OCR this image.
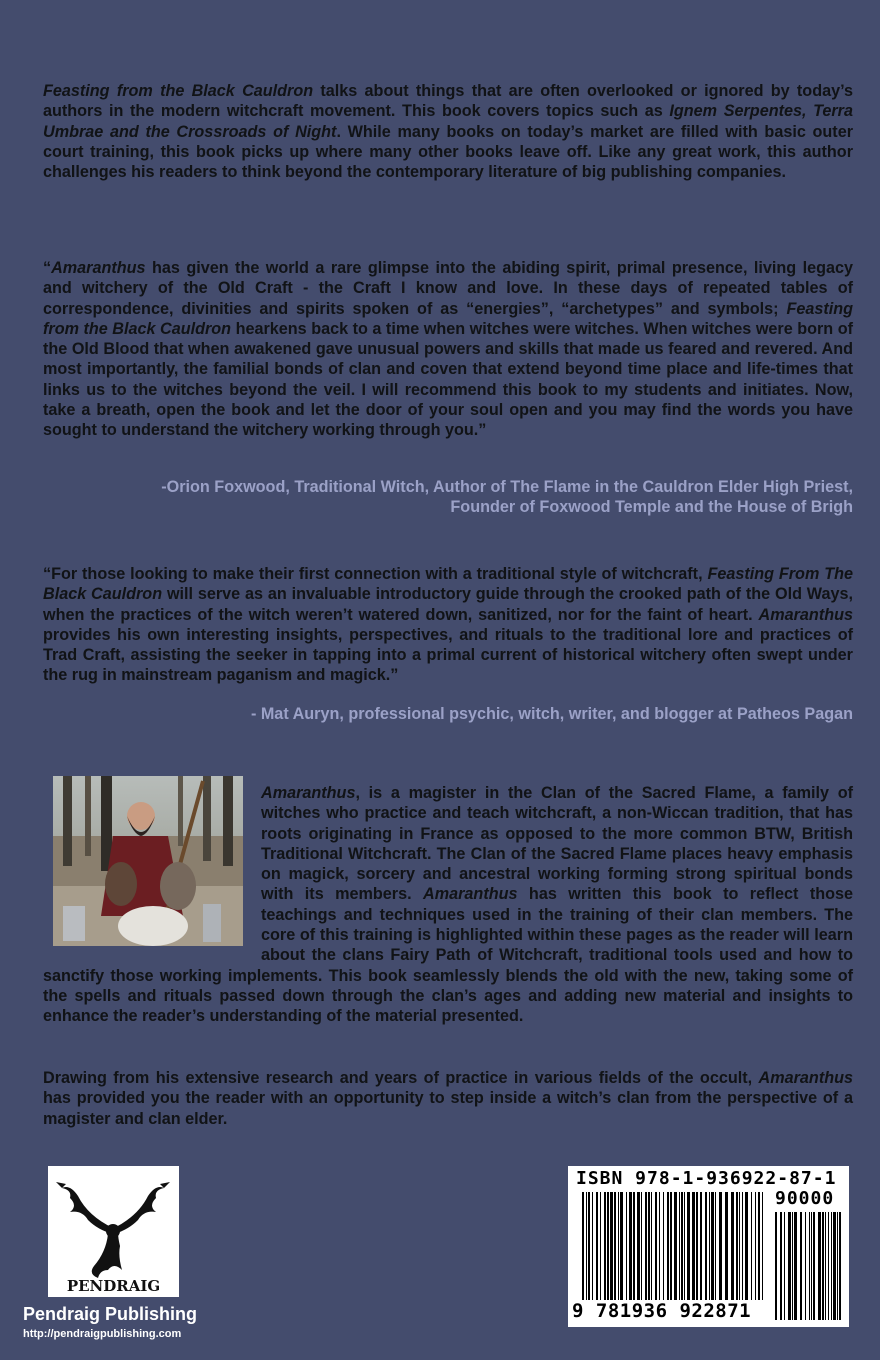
Feasting from the Black Cauldron talks about things that are often overlooked or ignored by today’s authors in the modern witchcraft movement. This book covers topics such as Ignem Serpentes, Terra Umbrae and the Crossroads of Night. While many books on today’s market are filled with basic outer court training, this book picks up where many other books leave off. Like any great work, this author challenges his readers to think beyond the contemporary literature of big publishing companies.

“Amaranthus has given the world a rare glimpse into the abiding spirit, primal presence, living legacy and witchery of the Old Craft - the Craft I know and love. In these days of repeated tables of correspondence, divinities and spirits spoken of as “energies”, “archetypes” and symbols; Feasting from the Black Cauldron hearkens back to a time when witches were witches. When witches were born of the Old Blood that when awakened gave unusual powers and skills that made us feared and revered. And most importantly, the familial bonds of clan and coven that extend beyond time place and life-times that links us to the witches beyond the veil. I will recommend this book to my students and initiates. Now, take a breath, open the book and let the door of your soul open and you may find the words you have sought to understand the witchery working through you.”

-Orion Foxwood, Traditional Witch, Author of The Flame in the Cauldron Elder High Priest,
Founder of Foxwood Temple and the House of Brigh

“For those looking to make their first connection with a traditional style of witchcraft, Feasting From The Black Cauldron will serve as an invaluable introductory guide through the crooked path of the Old Ways, when the practices of the witch weren’t watered down, sanitized, nor for the faint of heart. Amaranthus provides his own interesting insights, perspectives, and rituals to the traditional lore and practices of Trad Craft, assisting the seeker in tapping into a primal current of historical witchery often swept under the rug in mainstream paganism and magick.”

- Mat Auryn, professional psychic, witch, writer, and blogger at Patheos Pagan
Amaranthus, is a magister in the Clan of the Sacred Flame, a family of witches who practice and teach witchcraft, a non-Wiccan tradition, that has roots originating in France as opposed to the more common BTW, British Traditional Witchcraft. The Clan of the Sacred Flame places heavy emphasis on magick, sorcery and ancestral working forming strong spiritual bonds with its members. Amaranthus has written this book to reflect those teachings and techniques used in the training of their clan members. The core of this training is highlighted within these pages as the reader will learn about the clans Fairy Path of Witchcraft, traditional tools used and how to sanctify those working implements. This book seamlessly blends the old with the new, taking some of the spells and rituals passed down through the clan’s ages and adding new material and insights to enhance the reader’s understanding of the material presented.

Drawing from his extensive research and years of practice in various fields of the occult, Amaranthus has provided you the reader with an opportunity to step inside a witch’s clan from the perspective of a magister and clan elder.

PENDRAIG
Pendraig Publishing
http://pendraigpublishing.com
ISBN 978-1-936922-87-1
90000
9 781936 922871
